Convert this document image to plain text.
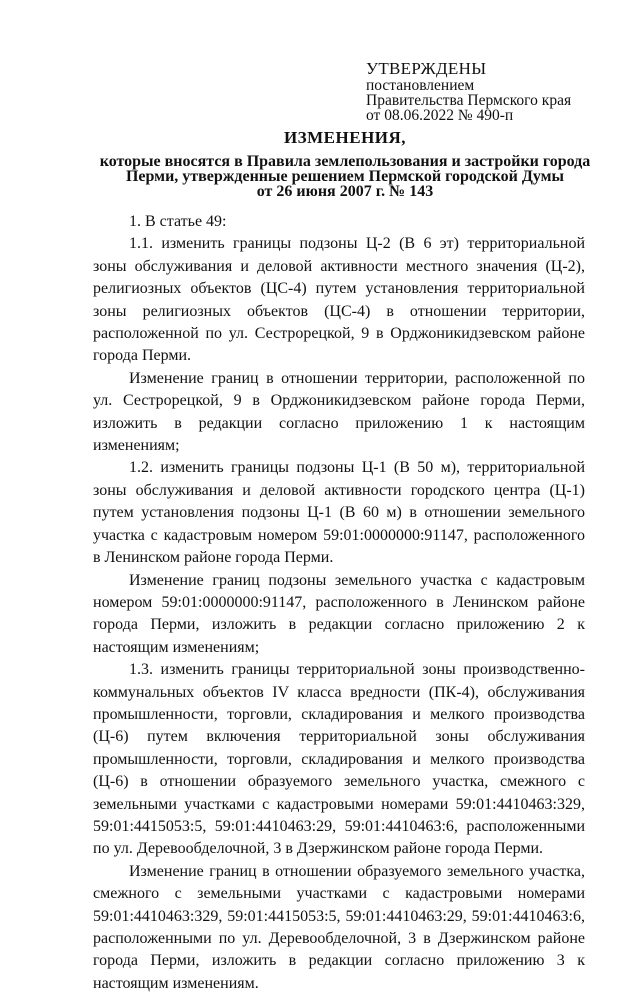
УТВЕРЖДЕНЫ
постановлением
Правительства Пермского края
от 08.06.2022 № 490-п
ИЗМЕНЕНИЯ,
которые вносятся в Правила землепользования и застройки города
Перми, утвержденные решением Пермской городской Думы
от 26 июня 2007 г. № 143

1. В статье 49:

1.1. изменить границы подзоны Ц-2 (В 6 эт) территориальной зоны обслуживания и деловой активности местного значения (Ц-2), религиозных объектов (ЦС-4) путем установления территориальной зоны религиозных объектов (ЦС-4) в отношении территории, расположенной по ул. Сестрорецкой, 9 в Орджоникидзевском районе города Перми.

Изменение границ в отношении территории, расположенной по ул. Сестрорецкой, 9 в Орджоникидзевском районе города Перми, изложить в редакции согласно приложению 1 к настоящим изменениям;

1.2. изменить границы подзоны Ц-1 (В 50 м), территориальной зоны обслуживания и деловой активности городского центра (Ц-1) путем установления подзоны Ц-1 (В 60 м) в отношении земельного участка с кадастровым номером 59:01:0000000:91147, расположенного в Ленинском районе города Перми.

Изменение границ подзоны земельного участка с кадастровым номером 59:01:0000000:91147, расположенного в Ленинском районе города Перми, изложить в редакции согласно приложению 2 к настоящим изменениям;

1.3. изменить границы территориальной зоны производственно-коммунальных объектов IV класса вредности (ПК-4), обслуживания промышленности, торговли, складирования и мелкого производства (Ц-6) путем включения территориальной зоны обслуживания промышленности, торговли, складирования и мелкого производства (Ц-6) в отношении образуемого земельного участка, смежного с земельными участками с кадастровыми номерами 59:01:4410463:329, 59:01:4415053:5, 59:01:4410463:29, 59:01:4410463:6, расположенными по ул. Деревообделочной, 3 в Дзержинском районе города Перми.

Изменение границ в отношении образуемого земельного участка, смежного с земельными участками с кадастровыми номерами 59:01:4410463:329, 59:01:4415053:5, 59:01:4410463:29, 59:01:4410463:6, расположенными по ул. Деревообделочной, 3 в Дзержинском районе города Перми, изложить в редакции согласно приложению 3 к настоящим изменениям.
